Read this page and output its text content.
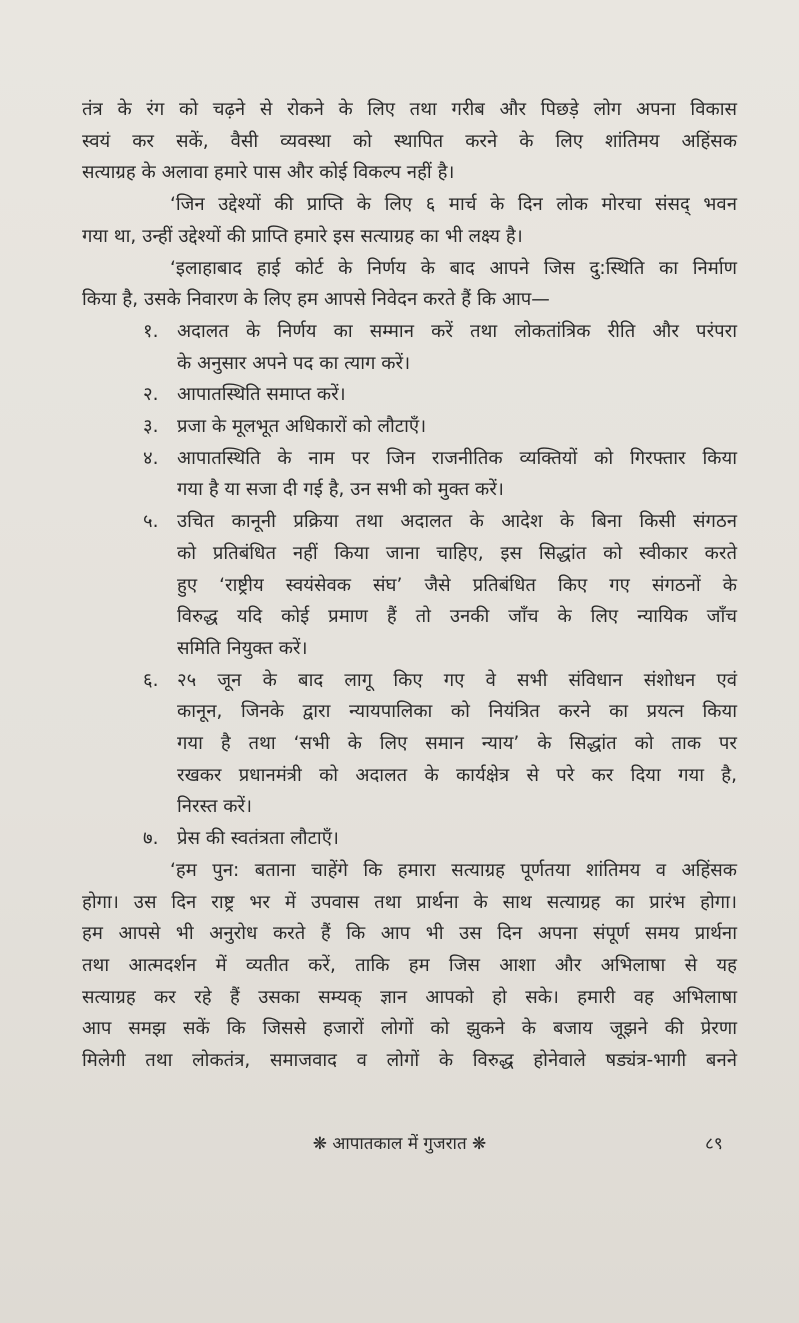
तंत्र के रंग को चढ़ने से रोकने के लिए तथा गरीब और पिछड़े लोग अपना विकास
स्वयं कर सकें, वैसी व्यवस्था को स्थापित करने के लिए शांतिमय अहिंसक
सत्याग्रह के अलावा हमारे पास और कोई विकल्प नहीं है।
‘जिन उद्देश्यों की प्राप्ति के लिए ६ मार्च के दिन लोक मोरचा संसद् भवन
गया था, उन्हीं उद्देश्यों की प्राप्ति हमारे इस सत्याग्रह का भी लक्ष्य है।
‘इलाहाबाद हाई कोर्ट के निर्णय के बाद आपने जिस दु:स्थिति का निर्माण
किया है, उसके निवारण के लिए हम आपसे निवेदन करते हैं कि आप—
अदालत के निर्णय का सम्मान करें तथा लोकतांत्रिक रीति और परंपरा
१.
के अनुसार अपने पद का त्याग करें।
आपातस्थिति समाप्त करें।
२.
प्रजा के मूलभूत अधिकारों को लौटाएँ।
३.
आपातस्थिति के नाम पर जिन राजनीतिक व्यक्तियों को गिरफ्तार किया
४.
गया है या सजा दी गई है, उन सभी को मुक्त करें।
उचित कानूनी प्रक्रिया तथा अदालत के आदेश के बिना किसी संगठन
५.
को प्रतिबंधित नहीं किया जाना चाहिए, इस सिद्धांत को स्वीकार करते
हुए ‘राष्ट्रीय स्वयंसेवक संघ’ जैसे प्रतिबंधित किए गए संगठनों के
विरुद्ध यदि कोई प्रमाण हैं तो उनकी जाँच के लिए न्यायिक जाँच
समिति नियुक्त करें।
२५ जून के बाद लागू किए गए वे सभी संविधान संशोधन एवं
६.
कानून, जिनके द्वारा न्यायपालिका को नियंत्रित करने का प्रयत्न किया
गया है तथा ‘सभी के लिए समान न्याय’ के सिद्धांत को ताक पर
रखकर प्रधानमंत्री को अदालत के कार्यक्षेत्र से परे कर दिया गया है,
निरस्त करें।
प्रेस की स्वतंत्रता लौटाएँ।
७.
‘हम पुन: बताना चाहेंगे कि हमारा सत्याग्रह पूर्णतया शांतिमय व अहिंसक
होगा। उस दिन राष्ट्र भर में उपवास तथा प्रार्थना के साथ सत्याग्रह का प्रारंभ होगा।
हम आपसे भी अनुरोध करते हैं कि आप भी उस दिन अपना संपूर्ण समय प्रार्थना
तथा आत्मदर्शन में व्यतीत करें, ताकि हम जिस आशा और अभिलाषा से यह
सत्याग्रह कर रहे हैं उसका सम्यक् ज्ञान आपको हो सके। हमारी वह अभिलाषा
आप समझ सकें कि जिससे हजारों लोगों को झुकने के बजाय जूझने की प्रेरणा
मिलेगी तथा लोकतंत्र, समाजवाद व लोगों के विरुद्ध होनेवाले षड्यंत्र-भागी बनने
❋ आपातकाल में गुजरात ❋	८९
